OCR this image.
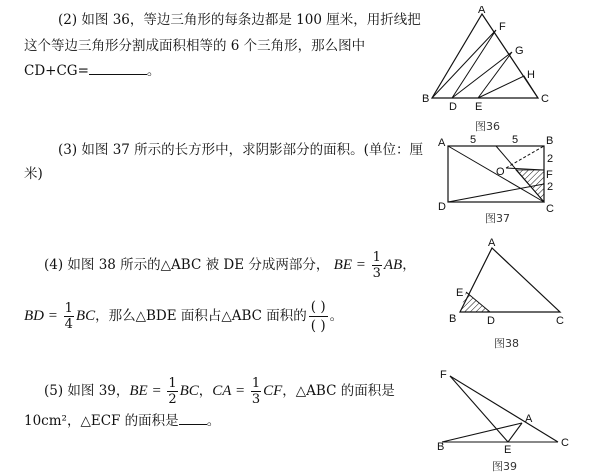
(2) 如图 36，等边三角形的每条边都是 100 厘米，用折线把
这个等边三角形分割成面积相等的 6 个三角形，那么图中
CD+CG=	。
A
F
G
H
B
D E
C
图36
(3) 如图 37 所示的长方形中，求阴影部分的面积。(单位：厘
米)
A	B
C
D
O	F
5	5
2
2
图37
(4) 如图 38 所示的△ABC 被 DE 分成两部分， BE = $\frac{1}{3}$ AB，
BD = $\frac{1}{4}$ BC，那么△BDE 面积占△ABC 面积的
( )
( )
。
A
E
B	D	C
图38
(5) 如图 39，BE = $\frac{1}{2}$ BC，CA = $\frac{1}{3}$ CF，△ABC 的面积是
10cm²，△ECF 的面积是 。
F
A
B	E
C
图39
